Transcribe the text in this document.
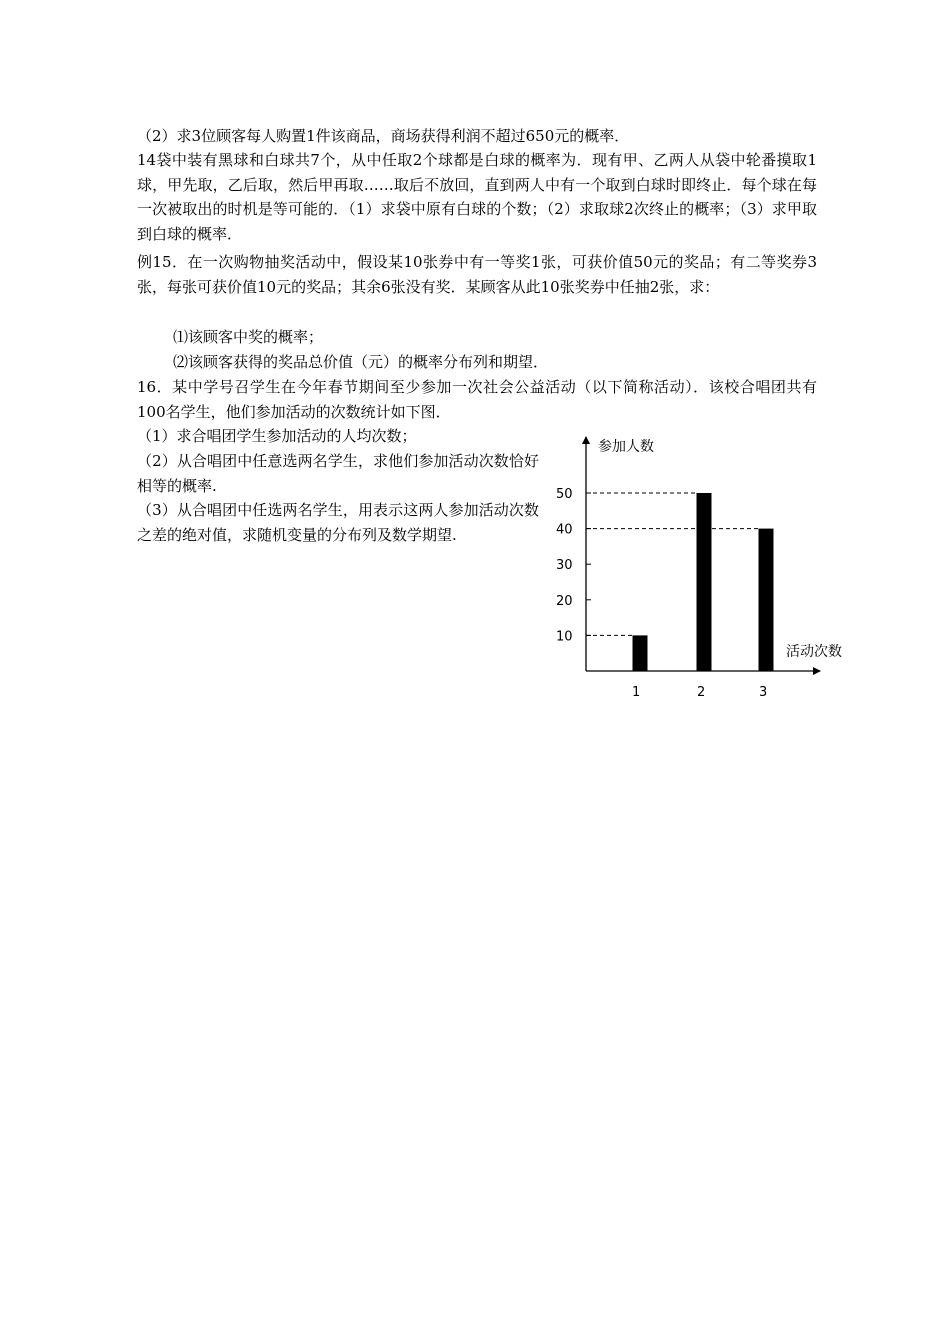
（2）求3位顾客每人购置1件该商品，商场获得利润不超过650元的概率．

14袋中装有黑球和白球共7个，从中任取2个球都是白球的概率为．现有甲、乙两人从袋中轮番摸取1球，甲先取，乙后取，然后甲再取……取后不放回，直到两人中有一个取到白球时即终止．每个球在每一次被取出的时机是等可能的．（1）求袋中原有白球的个数；（2）求取球2次终止的概率；（3）求甲取到白球的概率．

例15．在一次购物抽奖活动中，假设某10张券中有一等奖1张，可获价值50元的奖品；有二等奖券3张，每张可获价值10元的奖品；其余6张没有奖．某顾客从此10张奖券中任抽2张，求：

⑴该顾客中奖的概率；

⑵该顾客获得的奖品总价值（元）的概率分布列和期望．

16．某中学号召学生在今年春节期间至少参加一次社会公益活动（以下简称活动）．该校合唱团共有100名学生，他们参加活动的次数统计如下图．

（1）求合唱团学生参加活动的人均次数；

（2）从合唱团中任意选两名学生，求他们参加活动次数恰好相等的概率.

（3）从合唱团中任选两名学生，用表示这两人参加活动次数之差的绝对值，求随机变量的分布列及数学期望.

10
20
30
40
50
1	2	3
参加人数
活动次数
